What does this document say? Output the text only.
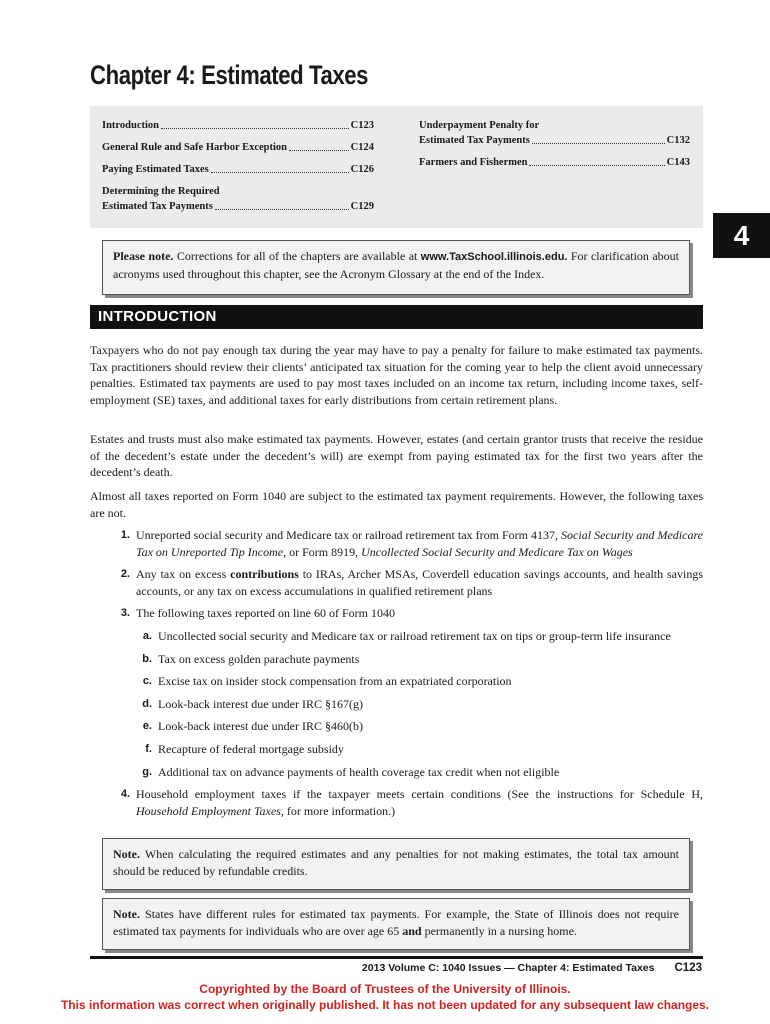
Chapter 4: Estimated Taxes
Introduction	C123
General Rule and Safe Harbor Exception	C124
Paying Estimated Taxes	C126
Determining the Required
Estimated Tax Payments	C129
Underpayment Penalty for
Estimated Tax Payments	C132
Farmers and Fishermen	C143
4
Please note. Corrections for all of the chapters are available at www.TaxSchool.illinois.edu. For clarification about acronyms used throughout this chapter, see the Acronym Glossary at the end of the Index.
INTRODUCTION

Taxpayers who do not pay enough tax during the year may have to pay a penalty for failure to make estimated tax payments. Tax practitioners should review their clients’ anticipated tax situation for the coming year to help the client avoid unnecessary penalties. Estimated tax payments are used to pay most taxes included on an income tax return, including income taxes, self-employment (SE) taxes, and additional taxes for early distributions from certain retirement plans.

Estates and trusts must also make estimated tax payments. However, estates (and certain grantor trusts that receive the residue of the decedent’s estate under the decedent’s will) are exempt from paying estimated tax for the first two years after the decedent’s death.

Almost all taxes reported on Form 1040 are subject to the estimated tax payment requirements. However, the following taxes are not.

1. Unreported social security and Medicare tax or railroad retirement tax from Form 4137, Social Security and Medicare Tax on Unreported Tip Income, or Form 8919, Uncollected Social Security and Medicare Tax on Wages
2. Any tax on excess contributions to IRAs, Archer MSAs, Coverdell education savings accounts, and health savings accounts, or any tax on excess accumulations in qualified retirement plans
3. The following taxes reported on line 60 of Form 1040
a. Uncollected social security and Medicare tax or railroad retirement tax on tips or group-term life insurance
b. Tax on excess golden parachute payments
c. Excise tax on insider stock compensation from an expatriated corporation
d. Look-back interest due under IRC §167(g)
e. Look-back interest due under IRC §460(b)
f. Recapture of federal mortgage subsidy
g. Additional tax on advance payments of health coverage tax credit when not eligible
4. Household employment taxes if the taxpayer meets certain conditions (See the instructions for Schedule H, Household Employment Taxes, for more information.)
Note. When calculating the required estimates and any penalties for not making estimates, the total tax amount should be reduced by refundable credits.
Note. States have different rules for estimated tax payments. For example, the State of Illinois does not require estimated tax payments for individuals who are over age 65 and permanently in a nursing home.
2013 Volume C: 1040 Issues — Chapter 4: Estimated Taxes C123
Copyrighted by the Board of Trustees of the University of Illinois.
This information was correct when originally published. It has not been updated for any subsequent law changes.
